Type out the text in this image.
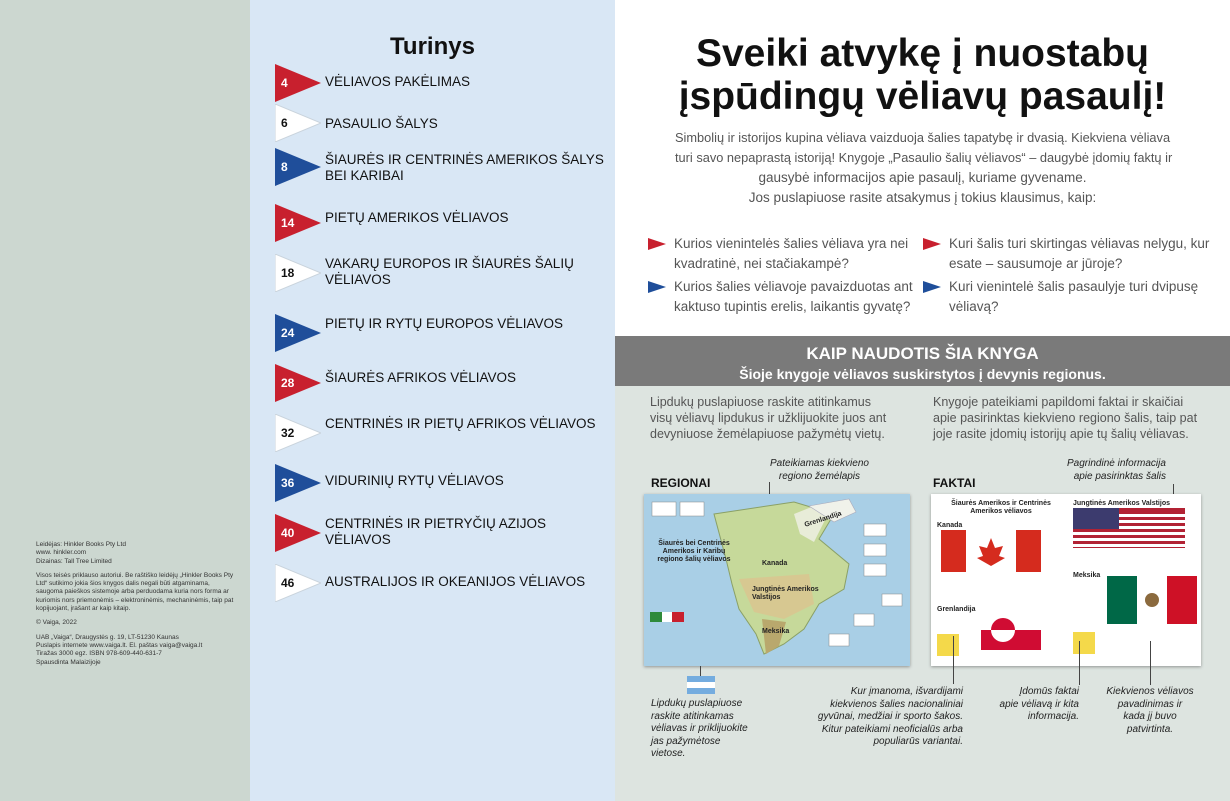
Leidėjas: Hinkler Books Pty Ltd
www. hinkler.com

Dizainas: Tall Tree Limited

Visos teisės priklauso autoriui. Be raštiško leidėjų „Hinkler Books Pty Ltd“ sutikimo jokia šios knygos dalis negali būti atgaminama, saugoma paieškos sistemoje arba perduodama kuria nors forma ar kuriomis nors priemonėmis – elektroninėmis, mechaninėmis, taip pat kopijuojant, įrašant ar kaip kitaip.

© Vaiga, 2022

UAB „Vaiga“, Draugystės g. 19, LT-51230 Kaunas
Puslapis internete www.vaiga.lt. El. paštas vaiga@vaiga.lt
Tiražas 3000 egz. ISBN 978-609-440-631-7
Spausdinta Malaizijoje
Turinys
4	VĖLIAVOS PAKĖLIMAS
6	PASAULIO ŠALYS
8	ŠIAURĖS IR CENTRINĖS AMERIKOS ŠALYS BEI KARIBAI
14 PIETŲ AMERIKOS VĖLIAVOS
18
VAKARŲ EUROPOS IR ŠIAURĖS ŠALIŲ VĖLIAVOS
24
PIETŲ IR RYTŲ EUROPOS VĖLIAVOS
28 ŠIAURĖS AFRIKOS VĖLIAVOS
32
CENTRINĖS IR PIETŲ AFRIKOS VĖLIAVOS
36 VIDURINIŲ RYTŲ VĖLIAVOS
40
CENTRINĖS IR PIETRYČIŲ AZIJOS VĖLIAVOS
46 AUSTRALIJOS IR OKEANIJOS VĖLIAVOS
Sveiki atvykę į nuostabų
įspūdingų vėliavų pasaulį!
Simbolių ir istorijos kupina vėliava vaizduoja šalies tapatybę ir dvasią. Kiekviena vėliava
turi savo nepaprastą istoriją! Knygoje „Pasaulio šalių vėliavos“ – daugybė įdomių faktų ir
gausybė informacijos apie pasaulį, kuriame gyvename.
Jos puslapiuose rasite atsakymus į tokius klausimus, kaip:
Kurios vienintelės šalies vėliava yra nei
kvadratinė, nei stačiakampė?
Kurios šalies vėliavoje pavaizduotas ant
kaktuso tupintis erelis, laikantis gyvatę?
Kuri šalis turi skirtingas vėliavas nelygu, kur
esate – sausumoje ar jūroje?
Kuri vienintelė šalis pasaulyje turi dvipusę
vėliavą?
KAIP NAUDOTIS ŠIA KNYGA
Šioje knygoje vėliavos suskirstytos į devynis regionus.
Lipdukų puslapiuose raskite atitinkamus
visų vėliavų lipdukus ir užklijuokite juos ant
devyniuose žemėlapiuose pažymėtų vietų.
Knygoje pateikiami papildomi faktai ir skaičiai
apie pasirinktas kiekvieno regiono šalis, taip pat
joje rasite įdomių istorijų apie tų šalių vėliavas.
REGIONAI	FAKTAI
Pateikiamas kiekvieno
regiono žemėlapis
Pagrindinė informacija
apie pasirinktas šalis
Šiaurės bei Centrinės Amerikos ir Karibų regiono šalių vėliavos
Grenlandija
Kanada
Jungtinės Amerikos Valstijos
Meksika
Šiaurės Amerikos ir Centrinės Amerikos vėliavos
Kanada
Jungtinės Amerikos Valstijos
Grenlandija
Meksika
Lipdukų puslapiuose
raskite atitinkamas
vėliavas ir priklijuokite
jas pažymėtose
vietose.
Kur įmanoma, išvardijami
kiekvienos šalies nacionaliniai
gyvūnai, medžiai ir sporto šakos.
Kitur pateikiami neoficialūs arba
populiarūs variantai.
Įdomūs faktai
apie vėliavą ir kita
informacija.
Kiekvienos vėliavos
pavadinimas ir
kada jį buvo
patvirtinta.
